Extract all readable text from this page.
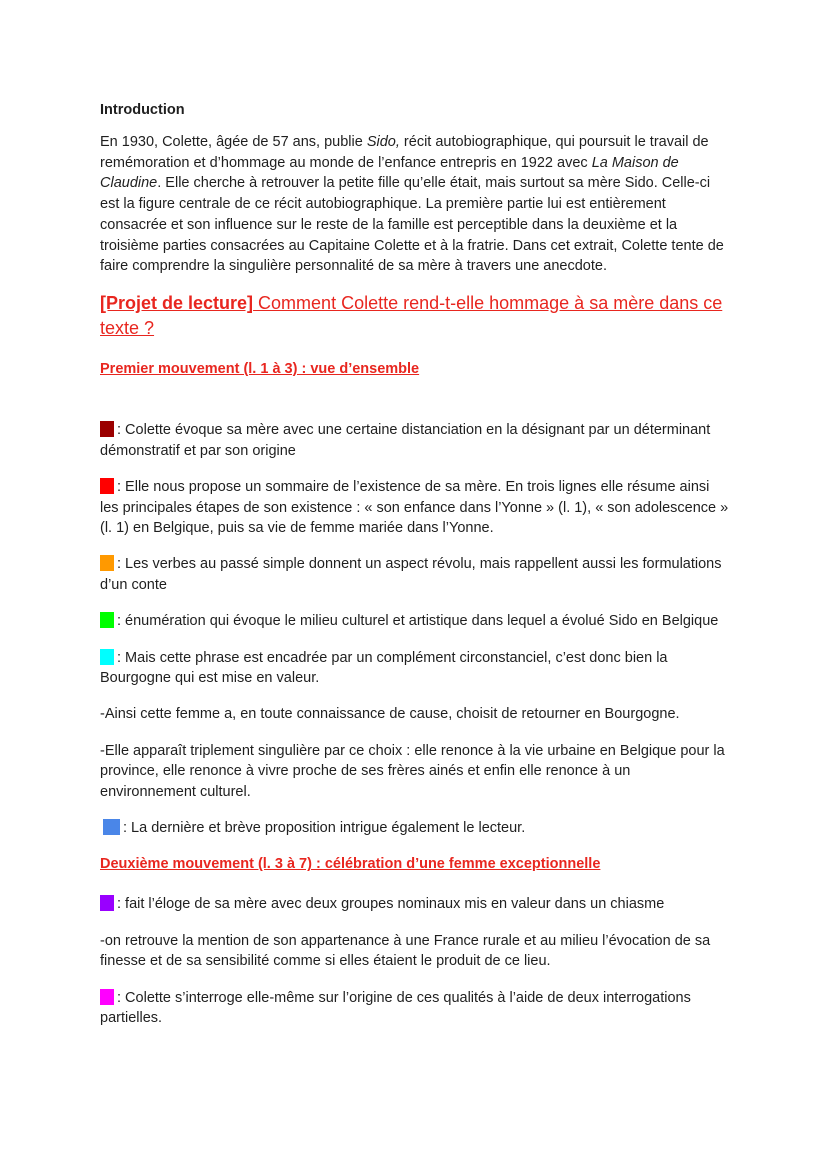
Introduction

En 1930, Colette, âgée de 57 ans, publie Sido, récit autobiographique, qui poursuit le travail de remémoration et d’hommage au monde de l’enfance entrepris en 1922 avec La Maison de Claudine. Elle cherche à retrouver la petite fille qu’elle était, mais surtout sa mère Sido. Celle-ci est la figure centrale de ce récit autobiographique. La première partie lui est entièrement consacrée et son influence sur le reste de la famille est perceptible dans la deuxième et la troisième parties consacrées au Capitaine Colette et à la fratrie. Dans cet extrait, Colette tente de faire comprendre la singulière personnalité de sa mère à travers une anecdote.

[Projet de lecture] Comment Colette rend-t-elle hommage à sa mère dans ce texte ?
Premier mouvement (l. 1 à 3) : vue d’ensemble

: Colette évoque sa mère avec une certaine distanciation en la désignant par un déterminant démonstratif et par son origine

: Elle nous propose un sommaire de l’existence de sa mère. En trois lignes elle résume ainsi les principales étapes de son existence : « son enfance dans l’Yonne » (l. 1), « son adolescence » (l. 1) en Belgique, puis sa vie de femme mariée dans l’Yonne.

: Les verbes au passé simple donnent un aspect révolu, mais rappellent aussi les formulations d’un conte

: énumération qui évoque le milieu culturel et artistique dans lequel a évolué Sido en Belgique

: Mais cette phrase est encadrée par un complément circonstanciel, c’est donc bien la Bourgogne qui est mise en valeur.

-Ainsi cette femme a, en toute connaissance de cause, choisit de retourner en Bourgogne.

-Elle apparaît triplement singulière par ce choix : elle renonce à la vie urbaine en Belgique pour la province, elle renonce à vivre proche de ses frères ainés et enfin elle renonce à un environnement culturel.

: La dernière et brève proposition intrigue également le lecteur.

Deuxième mouvement (l. 3 à 7) : célébration d’une femme exceptionnelle

: fait l’éloge de sa mère avec deux groupes nominaux mis en valeur dans un chiasme

-on retrouve la mention de son appartenance à une France rurale et au milieu l’évocation de sa finesse et de sa sensibilité comme si elles étaient le produit de ce lieu.

: Colette s’interroge elle-même sur l’origine de ces qualités à l’aide de deux interrogations partielles.
